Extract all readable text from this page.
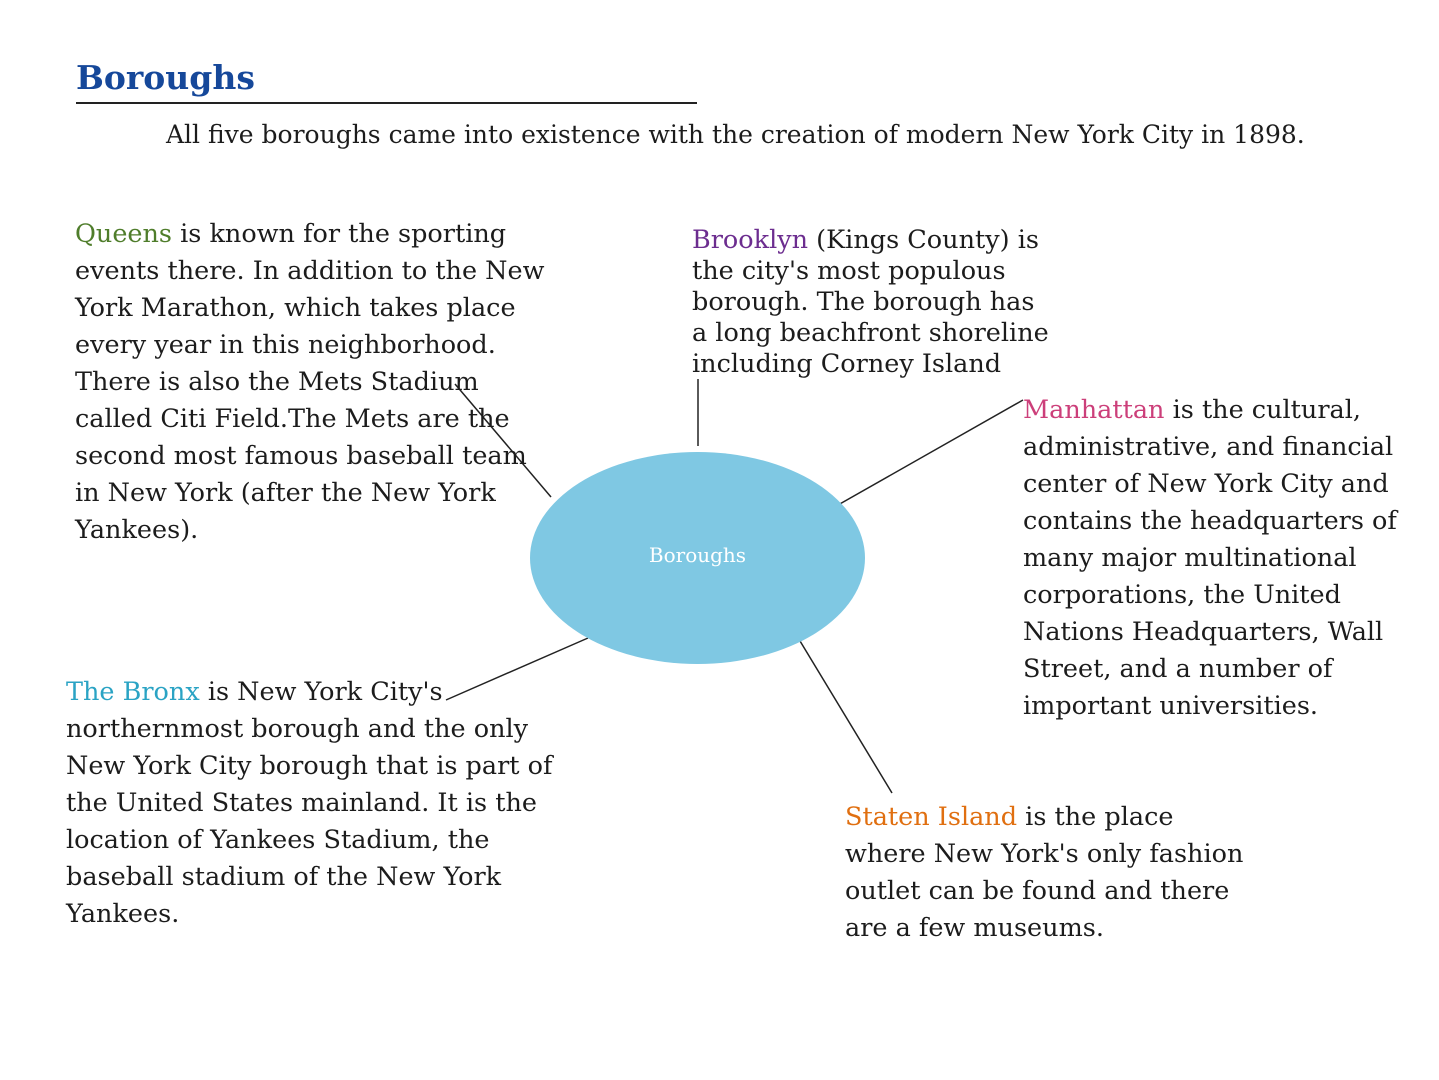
Boroughs
All five boroughs came into existence with the creation of modern New York City in 1898.
Boroughs
Queens is known for the sporting
events there. In addition to the New
York Marathon, which takes place
every year in this neighborhood.
There is also the Mets Stadium
called Citi Field.The Mets are the
second most famous baseball team
in New York (after the New York
Yankees).
Brooklyn (Kings County) is
the city's most populous
borough. The borough has
a long beachfront shoreline
including Corney Island
Manhattan is the cultural,
administrative, and financial
center of New York City and
contains the headquarters of
many major multinational
corporations, the United
Nations Headquarters, Wall
Street, and a number of
important universities.
The Bronx is New York City's
northernmost borough and the only
New York City borough that is part of
the United States mainland. It is the
location of Yankees Stadium, the
baseball stadium of the New York
Yankees.
Staten Island is the place
where New York's only fashion
outlet can be found and there
are a few museums.
